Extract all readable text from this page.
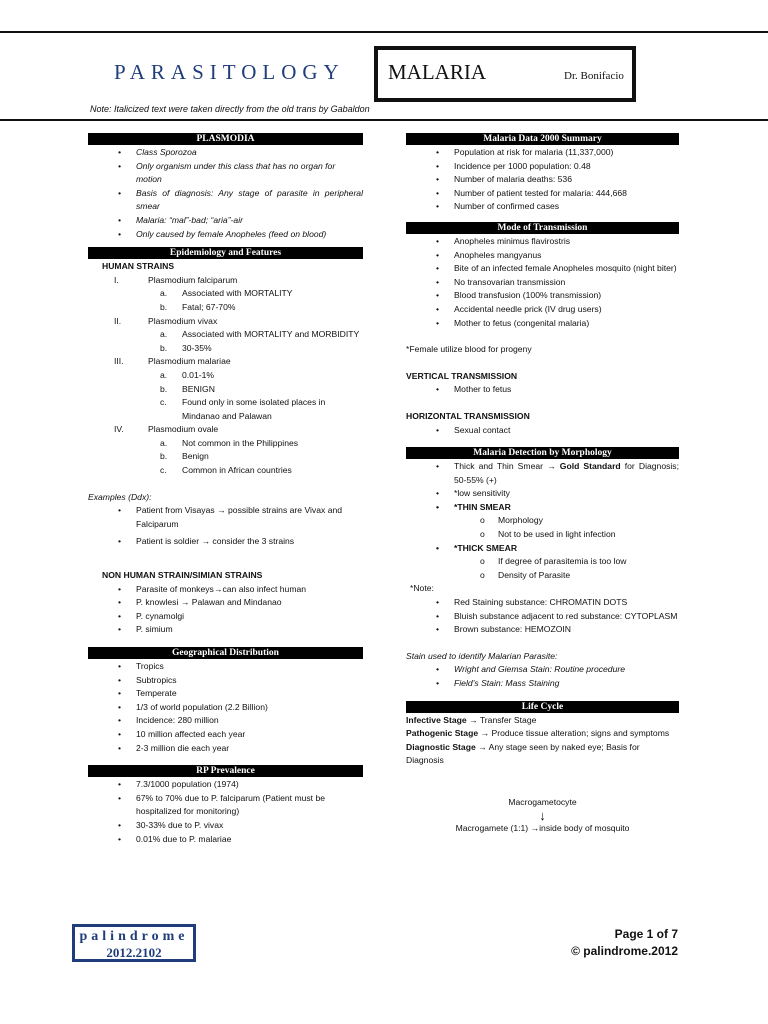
PARASITOLOGY MALARIA	Dr. Bonifacio
Note: Italicized text were taken directly from the old trans by Gabaldon
PLASMODIA
• Class Sporozoa
• Only organism under this class that has no organ for motion
• Basis of diagnosis: Any stage of parasite in peripheral smear
• Malaria: “mal”-bad; “aria”-air
• Only caused by female Anopheles (feed on blood)
Epidemiology and Features
HUMAN STRAINS
I.	Plasmodium falciparum
a. Associated with MORTALITY
b. Fatal; 67-70%
II.	Plasmodium vivax
a. Associated with MORTALITY and MORBIDITY
b. 30-35%
III.	Plasmodium malariae
a. 0.01-1%
b. BENIGN
c. Found only in some isolated places in Mindanao and Palawan
IV.	Plasmodium ovale
a. Not common in the Philippines
b. Benign
c. Common in African countries
Examples (Ddx):
• Patient from Visayas → possible strains are Vivax and Falciparum
• Patient is soldier → consider the 3 strains
NON HUMAN STRAIN/SIMIAN STRAINS
• Parasite of monkeys→can also infect human
• P. knowlesi → Palawan and Mindanao
• P. cynamolgi
• P. simium
Geographical Distribution
• Tropics
• Subtropics
• Temperate
• 1/3 of world population (2.2 Billion)
• Incidence: 280 million
• 10 million affected each year
• 2-3 million die each year
RP Prevalence
• 7.3/1000 population (1974)
• 67% to 70% due to P. falciparum (Patient must be hospitalized for monitoring)
• 30-33% due to P. vivax
• 0.01% due to P. malariae
Malaria Data 2000 Summary
• Population at risk for malaria (11,337,000)
• Incidence per 1000 population: 0.48
• Number of malaria deaths: 536
• Number of patient tested for malaria: 444,668
• Number of confirmed cases
Mode of Transmission
• Anopheles minimus flavirostris
• Anopheles mangyanus
• Bite of an infected female Anopheles mosquito (night biter)
• No transovarian transmission
• Blood transfusion (100% transmission)
• Accidental needle prick (IV drug users)
• Mother to fetus (congenital malaria)
*Female utilize blood for progeny
VERTICAL TRANSMISSION
• Mother to fetus
HORIZONTAL TRANSMISSION
• Sexual contact
Malaria Detection by Morphology
• Thick and Thin Smear → Gold Standard for Diagnosis; 50-55% (+)
• *low sensitivity
• *THIN SMEAR
o Morphology
o Not to be used in light infection
• *THICK SMEAR
o If degree of parasitemia is too low
o Density of Parasite
*Note:
• Red Staining substance: CHROMATIN DOTS
• Bluish substance adjacent to red substance: CYTOPLASM
• Brown substance: HEMOZOIN
Stain used to identify Malarian Parasite:
• Wright and Giemsa Stain: Routine procedure
• Field’s Stain: Mass Staining
Life Cycle
Infective Stage → Transfer Stage
Pathogenic Stage → Produce tissue alteration; signs and symptoms
Diagnostic Stage → Any stage seen by naked eye; Basis for Diagnosis
Macrogametocyte
↓
Macrogamete (1:1) →inside body of mosquito
palindrome
2012.2102
Page 1 of 7
© palindrome.2012
